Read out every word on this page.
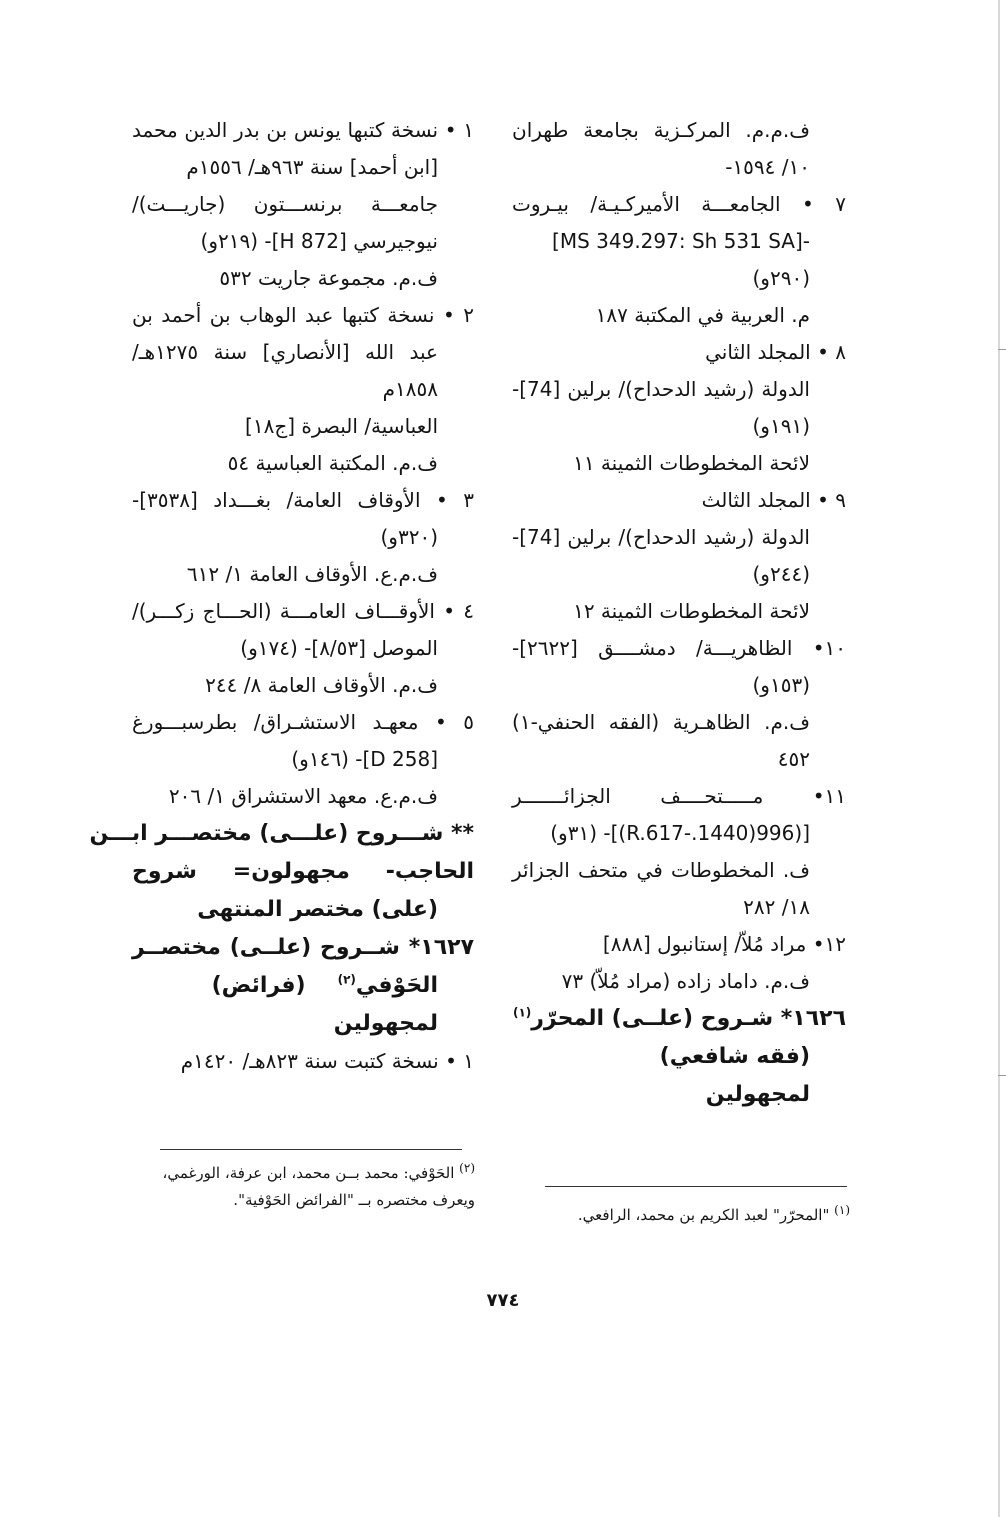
ف.م.م. المركـزية بجامعة طهران
١٠/ ١٥٩٤-
٧ • الجامعـــة الأميركـيـة/ بيـروت
-[MS 349.297: Sh 531 SA]
(٢٩٠و)
م. العربية في المكتبة ١٨٧
٨ • المجلد الثاني
الدولة (رشيد الدحداح)/ برلين [74]-
(١٩١و)
لائحة المخطوطات الثمينة ١١
٩ • المجلد الثالث
الدولة (رشيد الدحداح)/ برلين [74]-
(٢٤٤و)
لائحة المخطوطات الثمينة ١٢
١٠• الظاهريـــة/ دمشــــق [٢٦٢٢]-
(١٥٣و)
ف.م. الظاهـرية (الفقه الحنفي-١)
٤٥٢
١١• مـــــتحــــف الجزائـــــــر
[(996(1440.-R.617)]- (٣١و)
ف. المخطوطات في متحف الجزائر
١٨/ ٢٨٢
١٢• مراد مُلاّ/ إستانبول [٨٨٨]
ف.م. داماد زاده (مراد مُلاّ) ٧٣
١٦٢٦* شـروح (علــى) المحرّر$^{(١)}$
(فقه شافعي)
لمجهولين
١ • نسخة كتبها يونس بن بدر الدين محمد
[ابن أحمد] سنة ٩٦٣هـ/ ١٥٥٦م
جامعـــة برنســـتون (جاريـــت)/
نيوجيرسي [872 H]- (٢١٩و)
ف.م. مجموعة جاريت ٥٣٢
٢ • نسخة كتبها عبد الوهاب بن أحمد بن
عبد الله [الأنصاري] سنة ١٢٧٥هـ/
١٨٥٨م
العباسية/ البصرة [ج١٨]
ف.م. المكتبة العباسية ٥٤
٣ • الأوقاف العامة/ بغـــداد [٣٥٣٨]-
(٣٢٠و)
ف.م.ع. الأوقاف العامة ١/ ٦١٢
٤ • الأوقـــاف العامـــة (الحـــاج زكـــر)/
الموصل [٨/٥٣]- (١٧٤و)
ف.م. الأوقاف العامة ٨/ ٢٤٤
٥ • معهـد الاستشـراق/ بطرسبـــورغ
[D 258]- (١٤٦و)
ف.م.ع. معهد الاستشراق ١/ ٢٠٦
** شـــروح (علـــى) مختصـــر ابـــن
الحاجب- مجهولون= شروح
(على) مختصر المنتهى
١٦٢٧* شــروح (علــى) مختصــر
الحَوْفي$^{(٢)}$(فرائض)
لمجهولين
١ • نسخة كتبت سنة ٨٢٣هـ/ ١٤٢٠م
$^{(١)}$ "المحرّر" لعبد الكريم بن محمد، الرافعي.
$^{(٢)}$ الحَوْفي: محمد بــن محمد، ابن عرفة، الورغمي،
ويعرف مختصره بــ "الفرائض الحَوْفية".
٧٧٤
